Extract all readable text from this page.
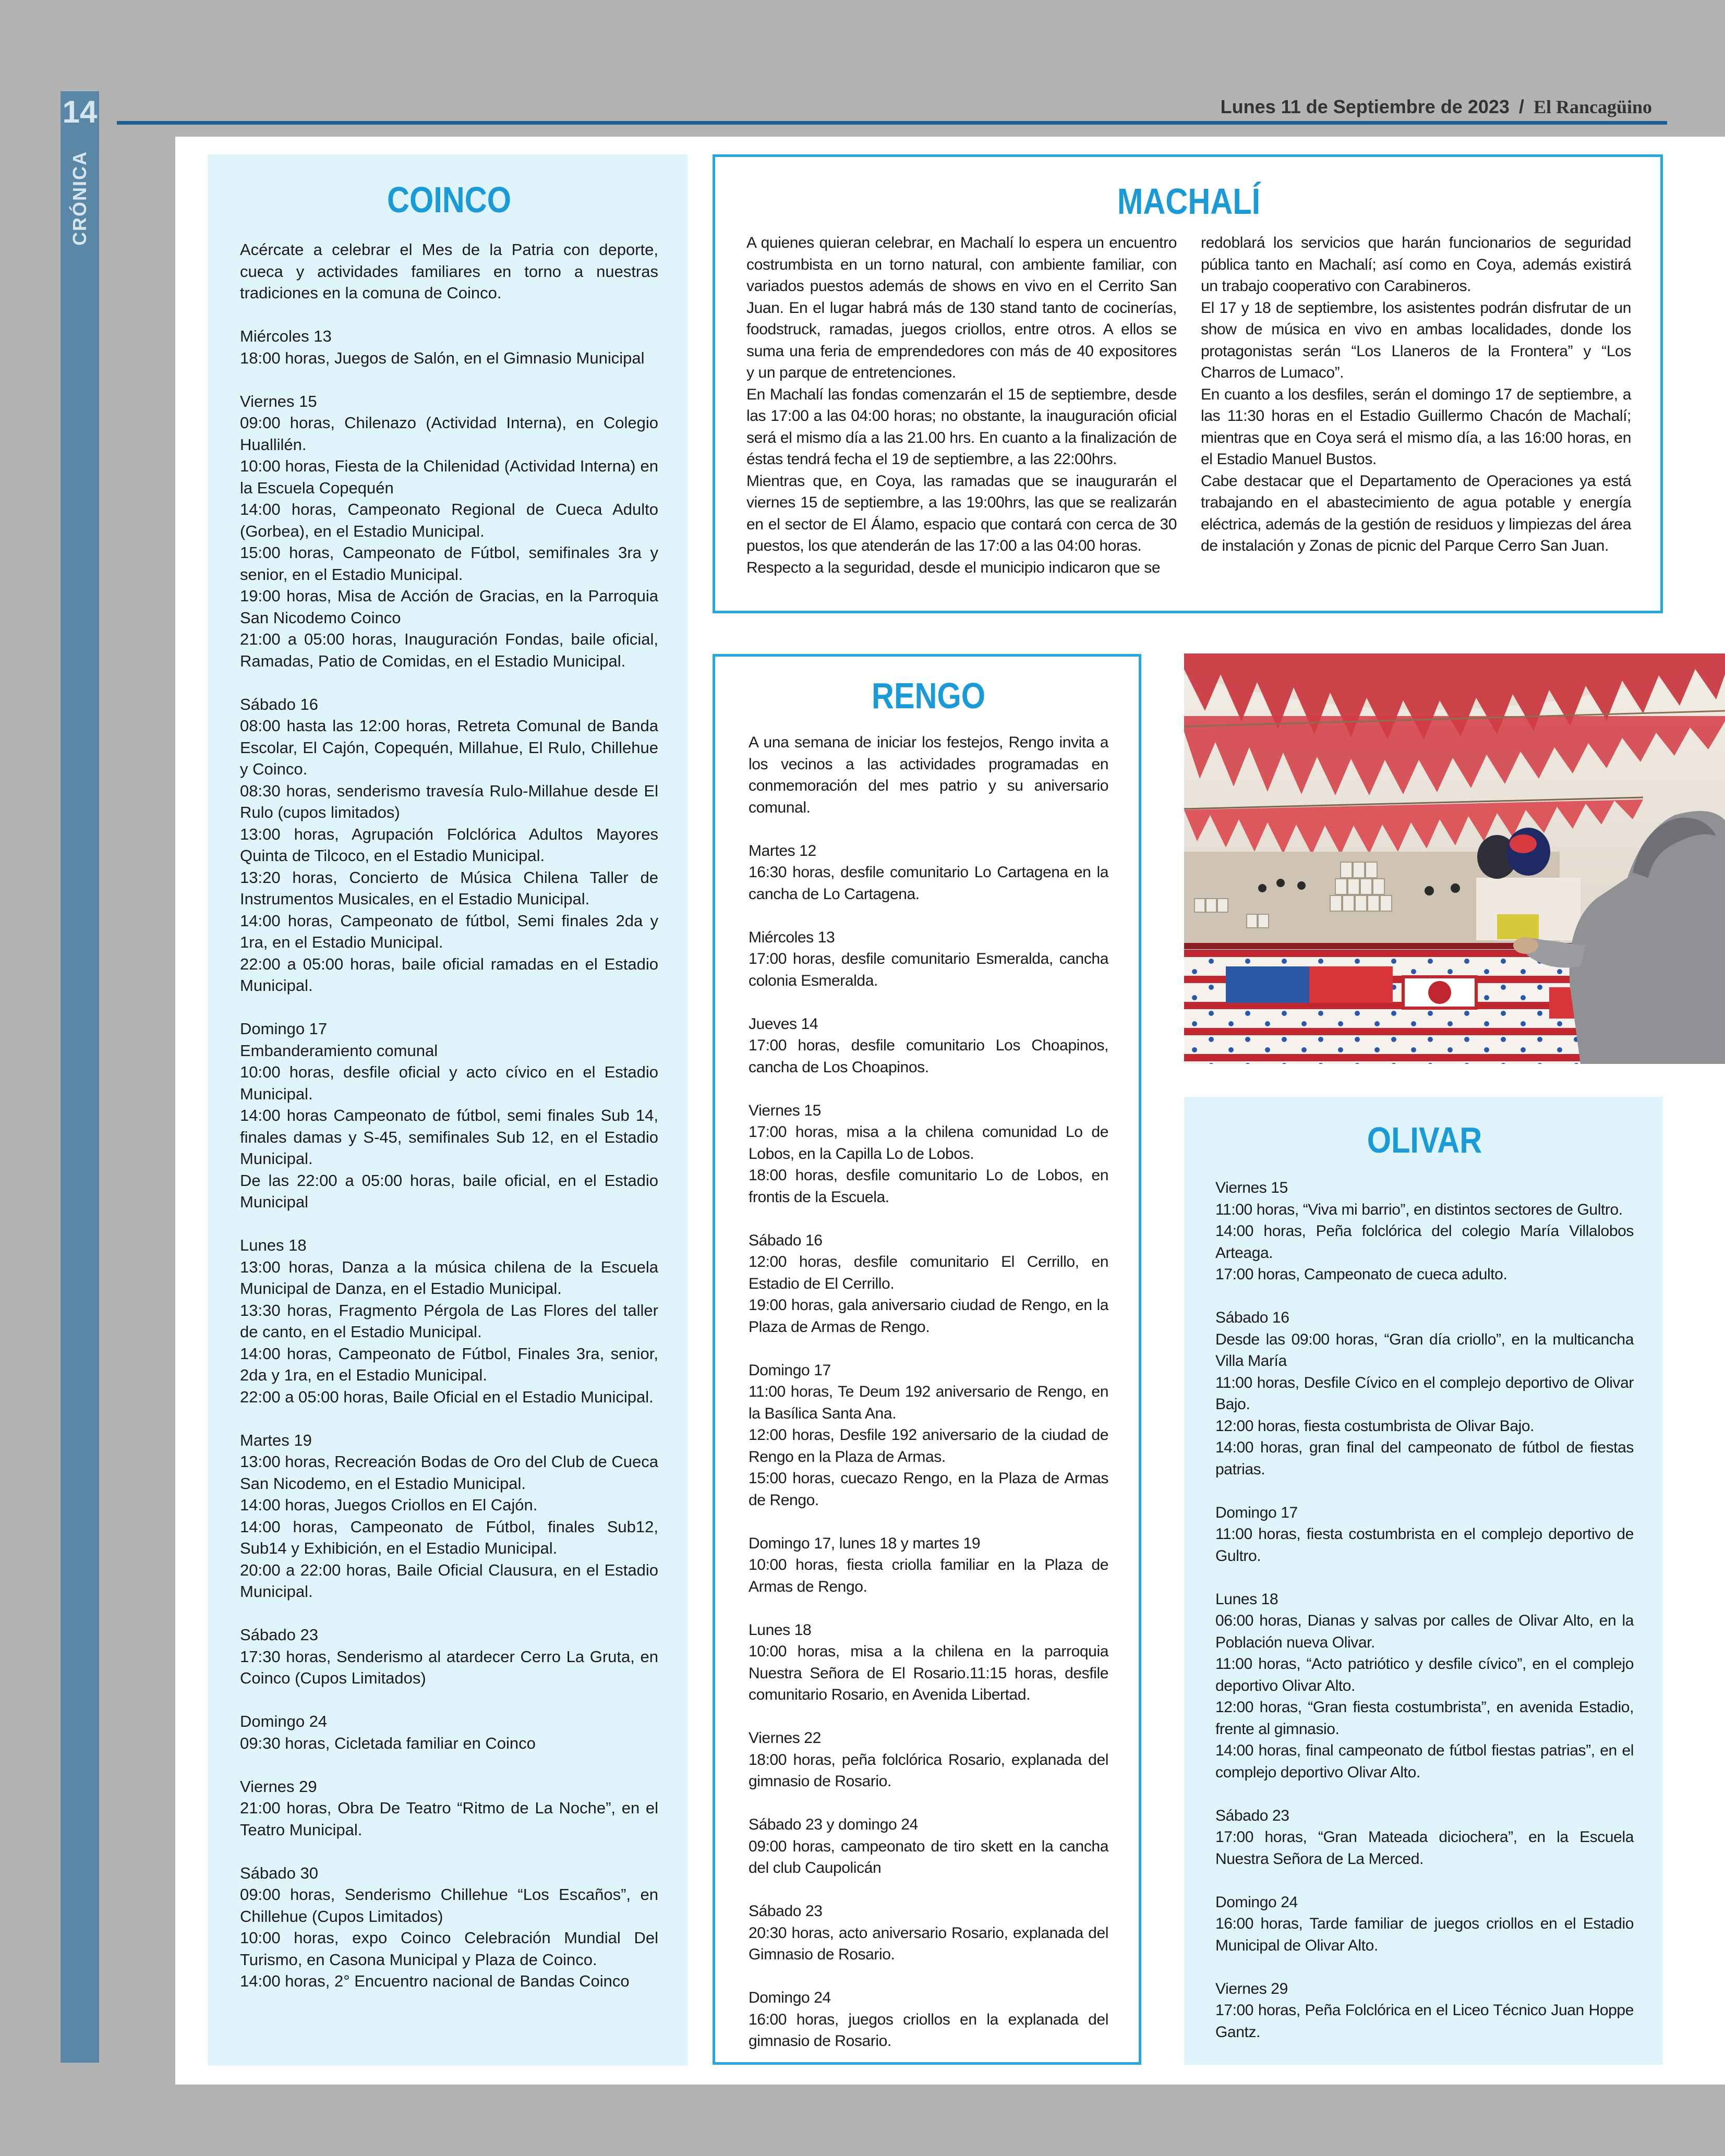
14
CRÓNICA
Lunes 11 de Septiembre de 2023 / El Rancagüino
COINCO
Acércate a celebrar el Mes de la Patria con deporte, cueca y actividades familiares en torno a nuestras tradiciones en la comuna de Coinco.
Miércoles 13
18:00 horas, Juegos de Salón, en el Gimnasio Municipal

Viernes 15
09:00 horas, Chilenazo (Actividad Interna), en Colegio Huallilén.
10:00 horas, Fiesta de la Chilenidad (Actividad Interna) en la Escuela Copequén
14:00 horas, Campeonato Regional de Cueca Adulto (Gorbea), en el Estadio Municipal.
15:00 horas, Campeonato de Fútbol, semifinales 3ra y senior, en el Estadio Municipal.
19:00 horas, Misa de Acción de Gracias, en la Parroquia San Nicodemo Coinco
21:00 a 05:00 horas, Inauguración Fondas, baile oficial, Ramadas, Patio de Comidas, en el Estadio Municipal.

Sábado 16
08:00 hasta las 12:00 horas, Retreta Comunal de Banda Escolar, El Cajón, Copequén, Millahue, El Rulo, Chillehue y Coinco.
08:30 horas, senderismo travesía Rulo-Millahue desde El Rulo (cupos limitados)
13:00 horas, Agrupación Folclórica Adultos Mayores Quinta de Tilcoco, en el Estadio Municipal.
13:20 horas, Concierto de Música Chilena Taller de Instrumentos Musicales, en el Estadio Municipal.
14:00 horas, Campeonato de fútbol, Semi finales 2da y 1ra, en el Estadio Municipal.
22:00 a 05:00 horas, baile oficial ramadas en el Estadio Municipal.

Domingo 17
Embanderamiento comunal
10:00 horas, desfile oficial y acto cívico en el Estadio Municipal.
14:00 horas Campeonato de fútbol, semi finales Sub 14, finales damas y S-45, semifinales Sub 12, en el Estadio Municipal.
De las 22:00 a 05:00 horas, baile oficial, en el Estadio Municipal

Lunes 18
13:00 horas, Danza a la música chilena de la Escuela Municipal de Danza, en el Estadio Municipal.
13:30 horas, Fragmento Pérgola de Las Flores del taller de canto, en el Estadio Municipal.
14:00 horas, Campeonato de Fútbol, Finales 3ra, senior, 2da y 1ra, en el Estadio Municipal.
22:00 a 05:00 horas, Baile Oficial en el Estadio Municipal.

Martes 19
13:00 horas, Recreación Bodas de Oro del Club de Cueca San Nicodemo, en el Estadio Municipal.
14:00 horas, Juegos Criollos en El Cajón.
14:00 horas, Campeonato de Fútbol, finales Sub12, Sub14 y Exhibición, en el Estadio Municipal.
20:00 a 22:00 horas, Baile Oficial Clausura, en el Estadio Municipal.

Sábado 23
17:30 horas, Senderismo al atardecer Cerro La Gruta, en Coinco (Cupos Limitados)

Domingo 24
09:30 horas, Cicletada familiar en Coinco

Viernes 29
21:00 horas, Obra De Teatro “Ritmo de La Noche”, en el Teatro Municipal.

Sábado 30
09:00 horas, Senderismo Chillehue “Los Escaños”, en Chillehue (Cupos Limitados)
10:00 horas, expo Coinco Celebración Mundial Del Turismo, en Casona Municipal y Plaza de Coinco.
14:00 horas, 2° Encuentro nacional de Bandas Coinco
MACHALÍ
A quienes quieran celebrar, en Machalí lo espera un encuentro costrumbista en un torno natural, con ambiente familiar, con variados puestos además de shows en vivo en el Cerrito San Juan. En el lugar habrá más de 130 stand tanto de cocinerías, foodstruck, ramadas, juegos criollos, entre otros. A ellos se suma una feria de emprendedores con más de 40 expositores y un parque de entretenciones.
En Machalí las fondas comenzarán el 15 de septiembre, desde las 17:00 a las 04:00 horas; no obstante, la inauguración oficial será el mismo día a las 21.00 hrs. En cuanto a la finalización de éstas tendrá fecha el 19 de septiembre, a las 22:00hrs.
Mientras que, en Coya, las ramadas que se inaugurarán el viernes 15 de septiembre, a las 19:00hrs, las que se realizarán en el sector de El Álamo, espacio que contará con cerca de 30 puestos, los que atenderán de las 17:00 a las 04:00 horas.
Respecto a la seguridad, desde el municipio indicaron que se
redoblará los servicios que harán funcionarios de seguridad pública tanto en Machalí; así como en Coya, además existirá un trabajo cooperativo con Carabineros.
El 17 y 18 de septiembre, los asistentes podrán disfrutar de un show de música en vivo en ambas localidades, donde los protagonistas serán “Los Llaneros de la Frontera” y “Los Charros de Lumaco”.
En cuanto a los desfiles, serán el domingo 17 de septiembre, a las 11:30 horas en el Estadio Guillermo Chacón de Machalí; mientras que en Coya será el mismo día, a las 16:00 horas, en el Estadio Manuel Bustos.
Cabe destacar que el Departamento de Operaciones ya está trabajando en el abastecimiento de agua potable y energía eléctrica, además de la gestión de residuos y limpiezas del área de instalación y Zonas de picnic del Parque Cerro San Juan.
RENGO
A una semana de iniciar los festejos, Rengo invita a los vecinos a las actividades programadas en conmemoración del mes patrio y su aniversario comunal.

Martes 12
16:30 horas, desfile comunitario Lo Cartagena en la cancha de Lo Cartagena.

Miércoles 13
17:00 horas, desfile comunitario Esmeralda, cancha colonia Esmeralda.

Jueves 14
17:00 horas, desfile comunitario Los Choapinos, cancha de Los Choapinos.

Viernes 15
17:00 horas, misa a la chilena comunidad Lo de Lobos, en la Capilla Lo de Lobos.
18:00 horas, desfile comunitario Lo de Lobos, en frontis de la Escuela.

Sábado 16
12:00 horas, desfile comunitario El Cerrillo, en Estadio de El Cerrillo.
19:00 horas, gala aniversario ciudad de Rengo, en la Plaza de Armas de Rengo.

Domingo 17
11:00 horas, Te Deum 192 aniversario de Rengo, en la Basílica Santa Ana.
12:00 horas, Desfile 192 aniversario de la ciudad de Rengo en la Plaza de Armas.
15:00 horas, cuecazo Rengo, en la Plaza de Armas de Rengo.

Domingo 17, lunes 18 y martes 19
10:00 horas, fiesta criolla familiar en la Plaza de Armas de Rengo.

Lunes 18
10:00 horas, misa a la chilena en la parroquia Nuestra Señora de El Rosario.11:15 horas, desfile comunitario Rosario, en Avenida Libertad.

Viernes 22
18:00 horas, peña folclórica Rosario, explanada del gimnasio de Rosario.

Sábado 23 y domingo 24
09:00 horas, campeonato de tiro skett en la cancha del club Caupolicán

Sábado 23
20:30 horas, acto aniversario Rosario, explanada del Gimnasio de Rosario.

Domingo 24
16:00 horas, juegos criollos en la explanada del gimnasio de Rosario.
OLIVAR
Viernes 15
11:00 horas, “Viva mi barrio”, en distintos sectores de Gultro.
14:00 horas, Peña folclórica del colegio María Villalobos Arteaga.
17:00 horas, Campeonato de cueca adulto.

Sábado 16
Desde las 09:00 horas, “Gran día criollo”, en la multicancha Villa María
11:00 horas, Desfile Cívico en el complejo deportivo de Olivar Bajo.
12:00 horas, fiesta costumbrista de Olivar Bajo.
14:00 horas, gran final del campeonato de fútbol de fiestas patrias.

Domingo 17
11:00 horas, fiesta costumbrista en el complejo deportivo de Gultro.

Lunes 18
06:00 horas, Dianas y salvas por calles de Olivar Alto, en la Población nueva Olivar.
11:00 horas, “Acto patriótico y desfile cívico”, en el complejo deportivo Olivar Alto.
12:00 horas, “Gran fiesta costumbrista”, en avenida Estadio, frente al gimnasio.
14:00 horas, final campeonato de fútbol fiestas patrias”, en el complejo deportivo Olivar Alto.

Sábado 23
17:00 horas, “Gran Mateada diciochera”, en la Escuela Nuestra Señora de La Merced.

Domingo 24
16:00 horas, Tarde familiar de juegos criollos en el Estadio Municipal de Olivar Alto.

Viernes 29
17:00 horas, Peña Folclórica en el Liceo Técnico Juan Hoppe Gantz.
